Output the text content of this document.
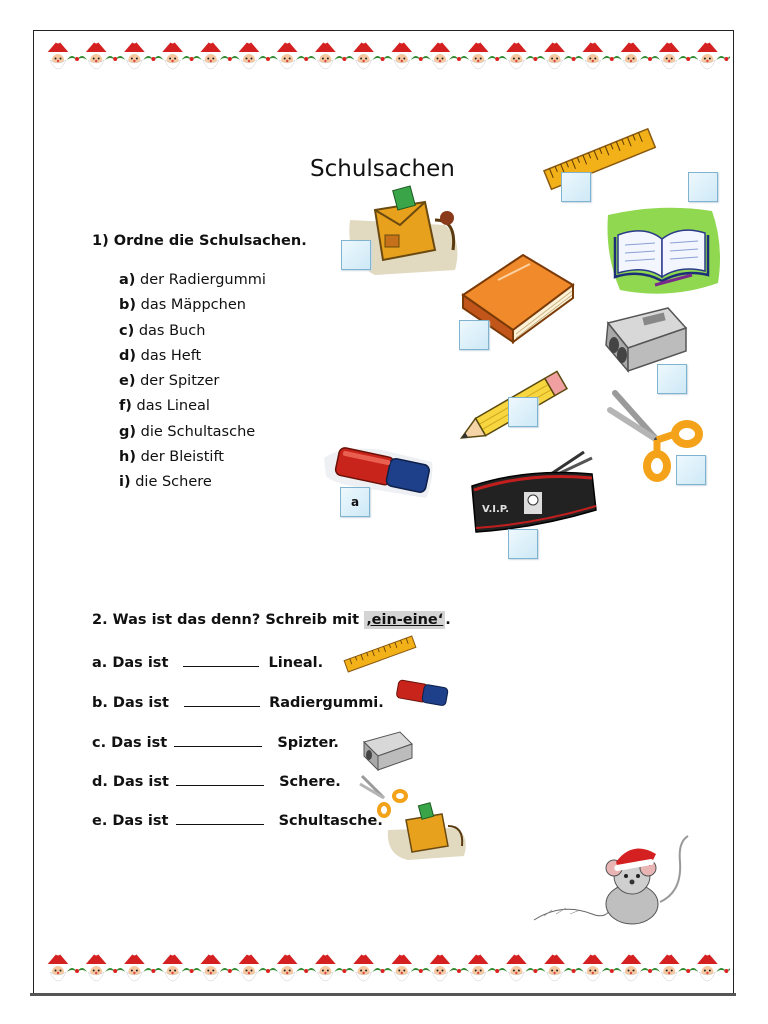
Schulsachen
1) Ordne die Schulsachen.
a) der Radiergummi
b) das Mäppchen
c) das Buch
d) das Heft
e) der Spitzer
f) das Lineal
g) die Schultasche
h) der Bleistift
i) die Schere
V.I.P.
a
2. Was ist das denn? Schreib mit ‚ein-eine‘ .
a. Das ist	Lineal.
b. Das ist	Radiergummi.
c. Das ist	Spizter.
d. Das ist	Schere.
e. Das ist	Schultasche.
